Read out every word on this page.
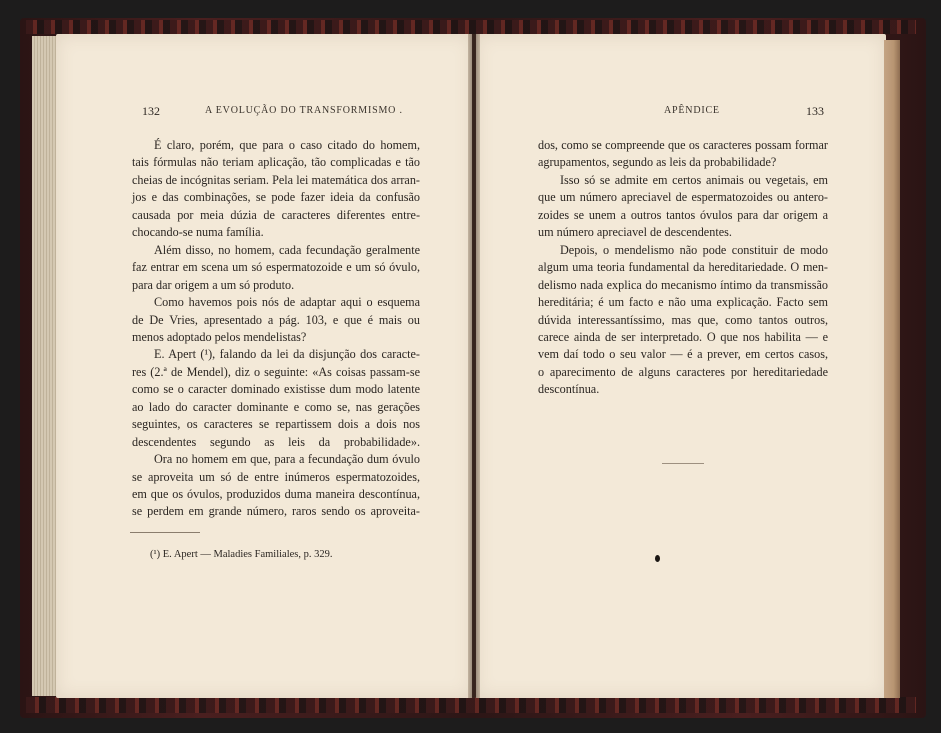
132	A EVOLUÇÃO DO TRANSFORMISMO .
É claro, porém, que para o caso citado do homem,
tais fórmulas não teriam aplicação, tão complicadas e tão
cheias de incógnitas seriam. Pela lei matemática dos arran-
jos e das combinações, se pode fazer ideia da confusão
causada por meia dúzia de caracteres diferentes entre-
chocando-se numa família.
Além disso, no homem, cada fecundação geralmente
faz entrar em scena um só espermatozoide e um só óvulo,
para dar origem a um só produto.
Como havemos pois nós de adaptar aqui o esquema
de De Vries, apresentado a pág. 103, e que é mais ou
menos adoptado pelos mendelistas?
E. Apert (¹), falando da lei da disjunção dos caracte-
res (2.ª de Mendel), diz o seguinte: «As coisas passam-se
como se o caracter dominado existisse dum modo latente
ao lado do caracter dominante e como se, nas gerações
seguintes, os caracteres se repartissem dois a dois nos
descendentes segundo as leis da probabilidade».
Ora no homem em que, para a fecundação dum óvulo
se aproveita um só de entre inúmeros espermatozoides,
em que os óvulos, produzidos duma maneira descontínua,
se perdem em grande número, raros sendo os aproveita-
(¹) E. Apert — Maladies Familiales, p. 329.
APÊNDICE	133
dos, como se compreende que os caracteres possam formar
agrupamentos, segundo as leis da probabilidade?
Isso só se admite em certos animais ou vegetais, em
que um número apreciavel de espermatozoides ou antero-
zoides se unem a outros tantos óvulos para dar origem a
um número apreciavel de descendentes.
Depois, o mendelismo não pode constituir de modo
algum uma teoria fundamental da hereditariedade. O men-
delismo nada explica do mecanismo íntimo da transmissão
hereditária; é um facto e não uma explicação. Facto sem
dúvida interessantíssimo, mas que, como tantos outros,
carece ainda de ser interpretado. O que nos habilita — e
vem daí todo o seu valor — é a prever, em certos casos,
o aparecimento de alguns caracteres por hereditariedade
descontínua.
